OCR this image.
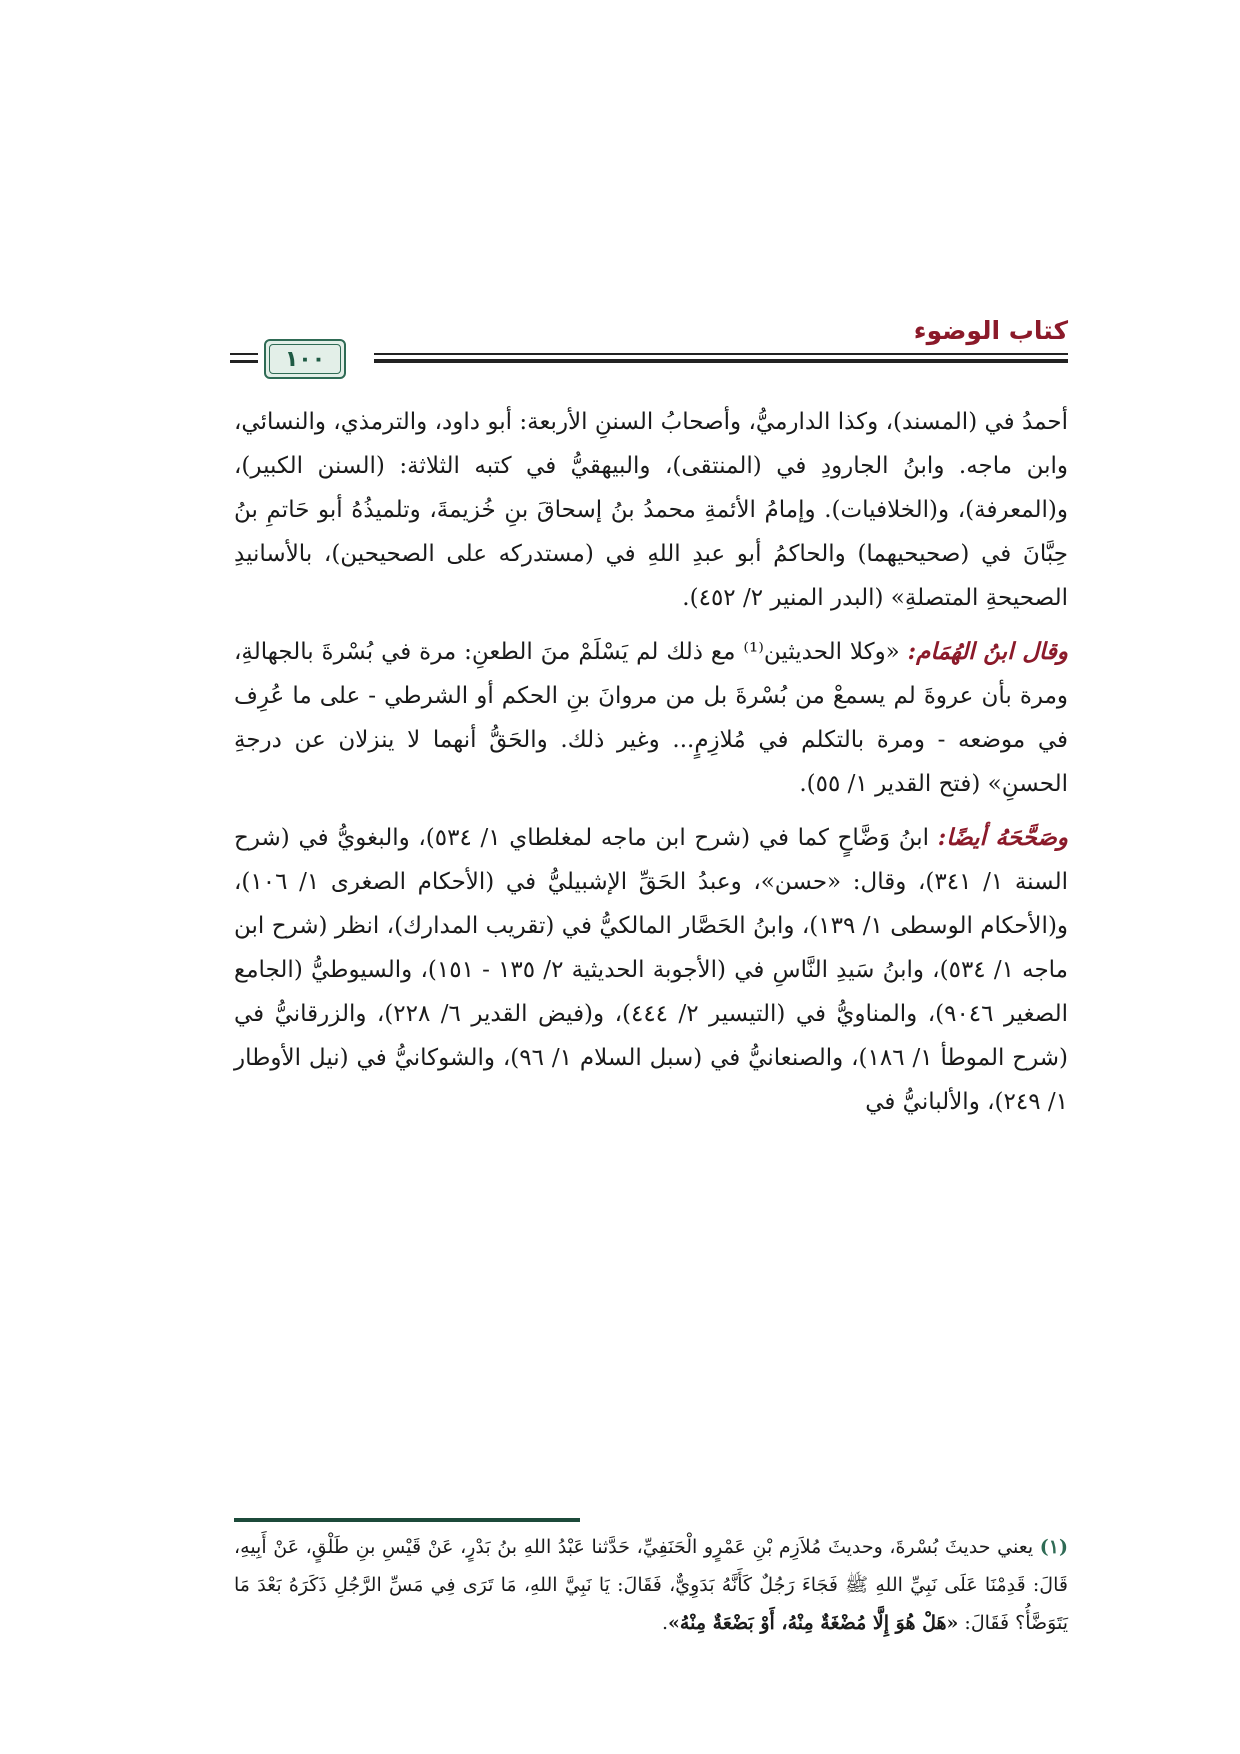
كتاب الوضوء
١٠٠

أحمدُ في (المسند)، وكذا الدارميُّ، وأصحابُ السننِ الأربعة: أبو داود، والترمذي، والنسائي، وابن ماجه. وابنُ الجارودِ في (المنتقى)، والبيهقيُّ في كتبه الثلاثة: (السنن الكبير)، و(المعرفة)، و(الخلافيات). وإمامُ الأئمةِ محمدُ بنُ إسحاقَ بنِ خُزيمةَ، وتلميذُهُ أبو حَاتمِ بنُ حِبَّانَ في (صحيحيهما) والحاكمُ أبو عبدِ اللهِ في (مستدركه على الصحيحين)، بالأسانيدِ الصحيحةِ المتصلةِ» (البدر المنير ٢/ ٤٥٢).

وقال ابنُ الهُمَام: «وكلا الحديثين⁽¹⁾ مع ذلك لم يَسْلَمْ منَ الطعنِ: مرة في بُسْرةَ بالجهالةِ، ومرة بأن عروةَ لم يسمعْ من بُسْرةَ بل من مروانَ بنِ الحكم أو الشرطي - على ما عُرِف في موضعه - ومرة بالتكلم في مُلازِمٍ... وغير ذلك. والحَقُّ أنهما لا ينزلان عن درجةِ الحسنِ» (فتح القدير ١/ ٥٥).

وصَحَّحَهُ أيضًا: ابنُ وَضَّاحٍ كما في (شرح ابن ماجه لمغلطاي ١/ ٥٣٤)، والبغويُّ في (شرح السنة ١/ ٣٤١)، وقال: «حسن»، وعبدُ الحَقِّ الإشبيليُّ في (الأحكام الصغرى ١/ ١٠٦)، و(الأحكام الوسطى ١/ ١٣٩)، وابنُ الحَصَّار المالكيُّ في (تقريب المدارك)، انظر (شرح ابن ماجه ١/ ٥٣٤)، وابنُ سَيدِ النَّاسِ في (الأجوبة الحديثية ٢/ ١٣٥ - ١٥١)، والسيوطيُّ (الجامع الصغير ٩٠٤٦)، والمناويُّ في (التيسير ٢/ ٤٤٤)، و(فيض القدير ٦/ ٢٢٨)، والزرقانيُّ في (شرح الموطأ ١/ ١٨٦)، والصنعانيُّ في (سبل السلام ١/ ٩٦)، والشوكانيُّ في (نيل الأوطار ١/ ٢٤٩)، والألبانيُّ في

(١) يعني حديثَ بُسْرةَ، وحديثَ مُلاَزِم بْنِ عَمْرٍو الْحَنَفِيِّ، حَدَّثنا عَبْدُ اللهِ بنُ بَدْرٍ، عَنْ قَيْسِ بنِ طَلْقٍ، عَنْ أَبِيهِ، قَالَ: قَدِمْنَا عَلَى نَبِيِّ اللهِ ﷺ فَجَاءَ رَجُلٌ كَأَنَّهُ بَدَوِيٌّ، فَقَالَ: يَا نَبِيَّ اللهِ، مَا تَرَى فِي مَسِّ الرَّجُلِ ذَكَرَهُ بَعْدَ مَا يَتَوَضَّأُ؟ فَقَالَ: «هَلْ هُوَ إِلَّا مُضْغَةٌ مِنْهُ، أَوْ بَضْعَةٌ مِنْهُ».
